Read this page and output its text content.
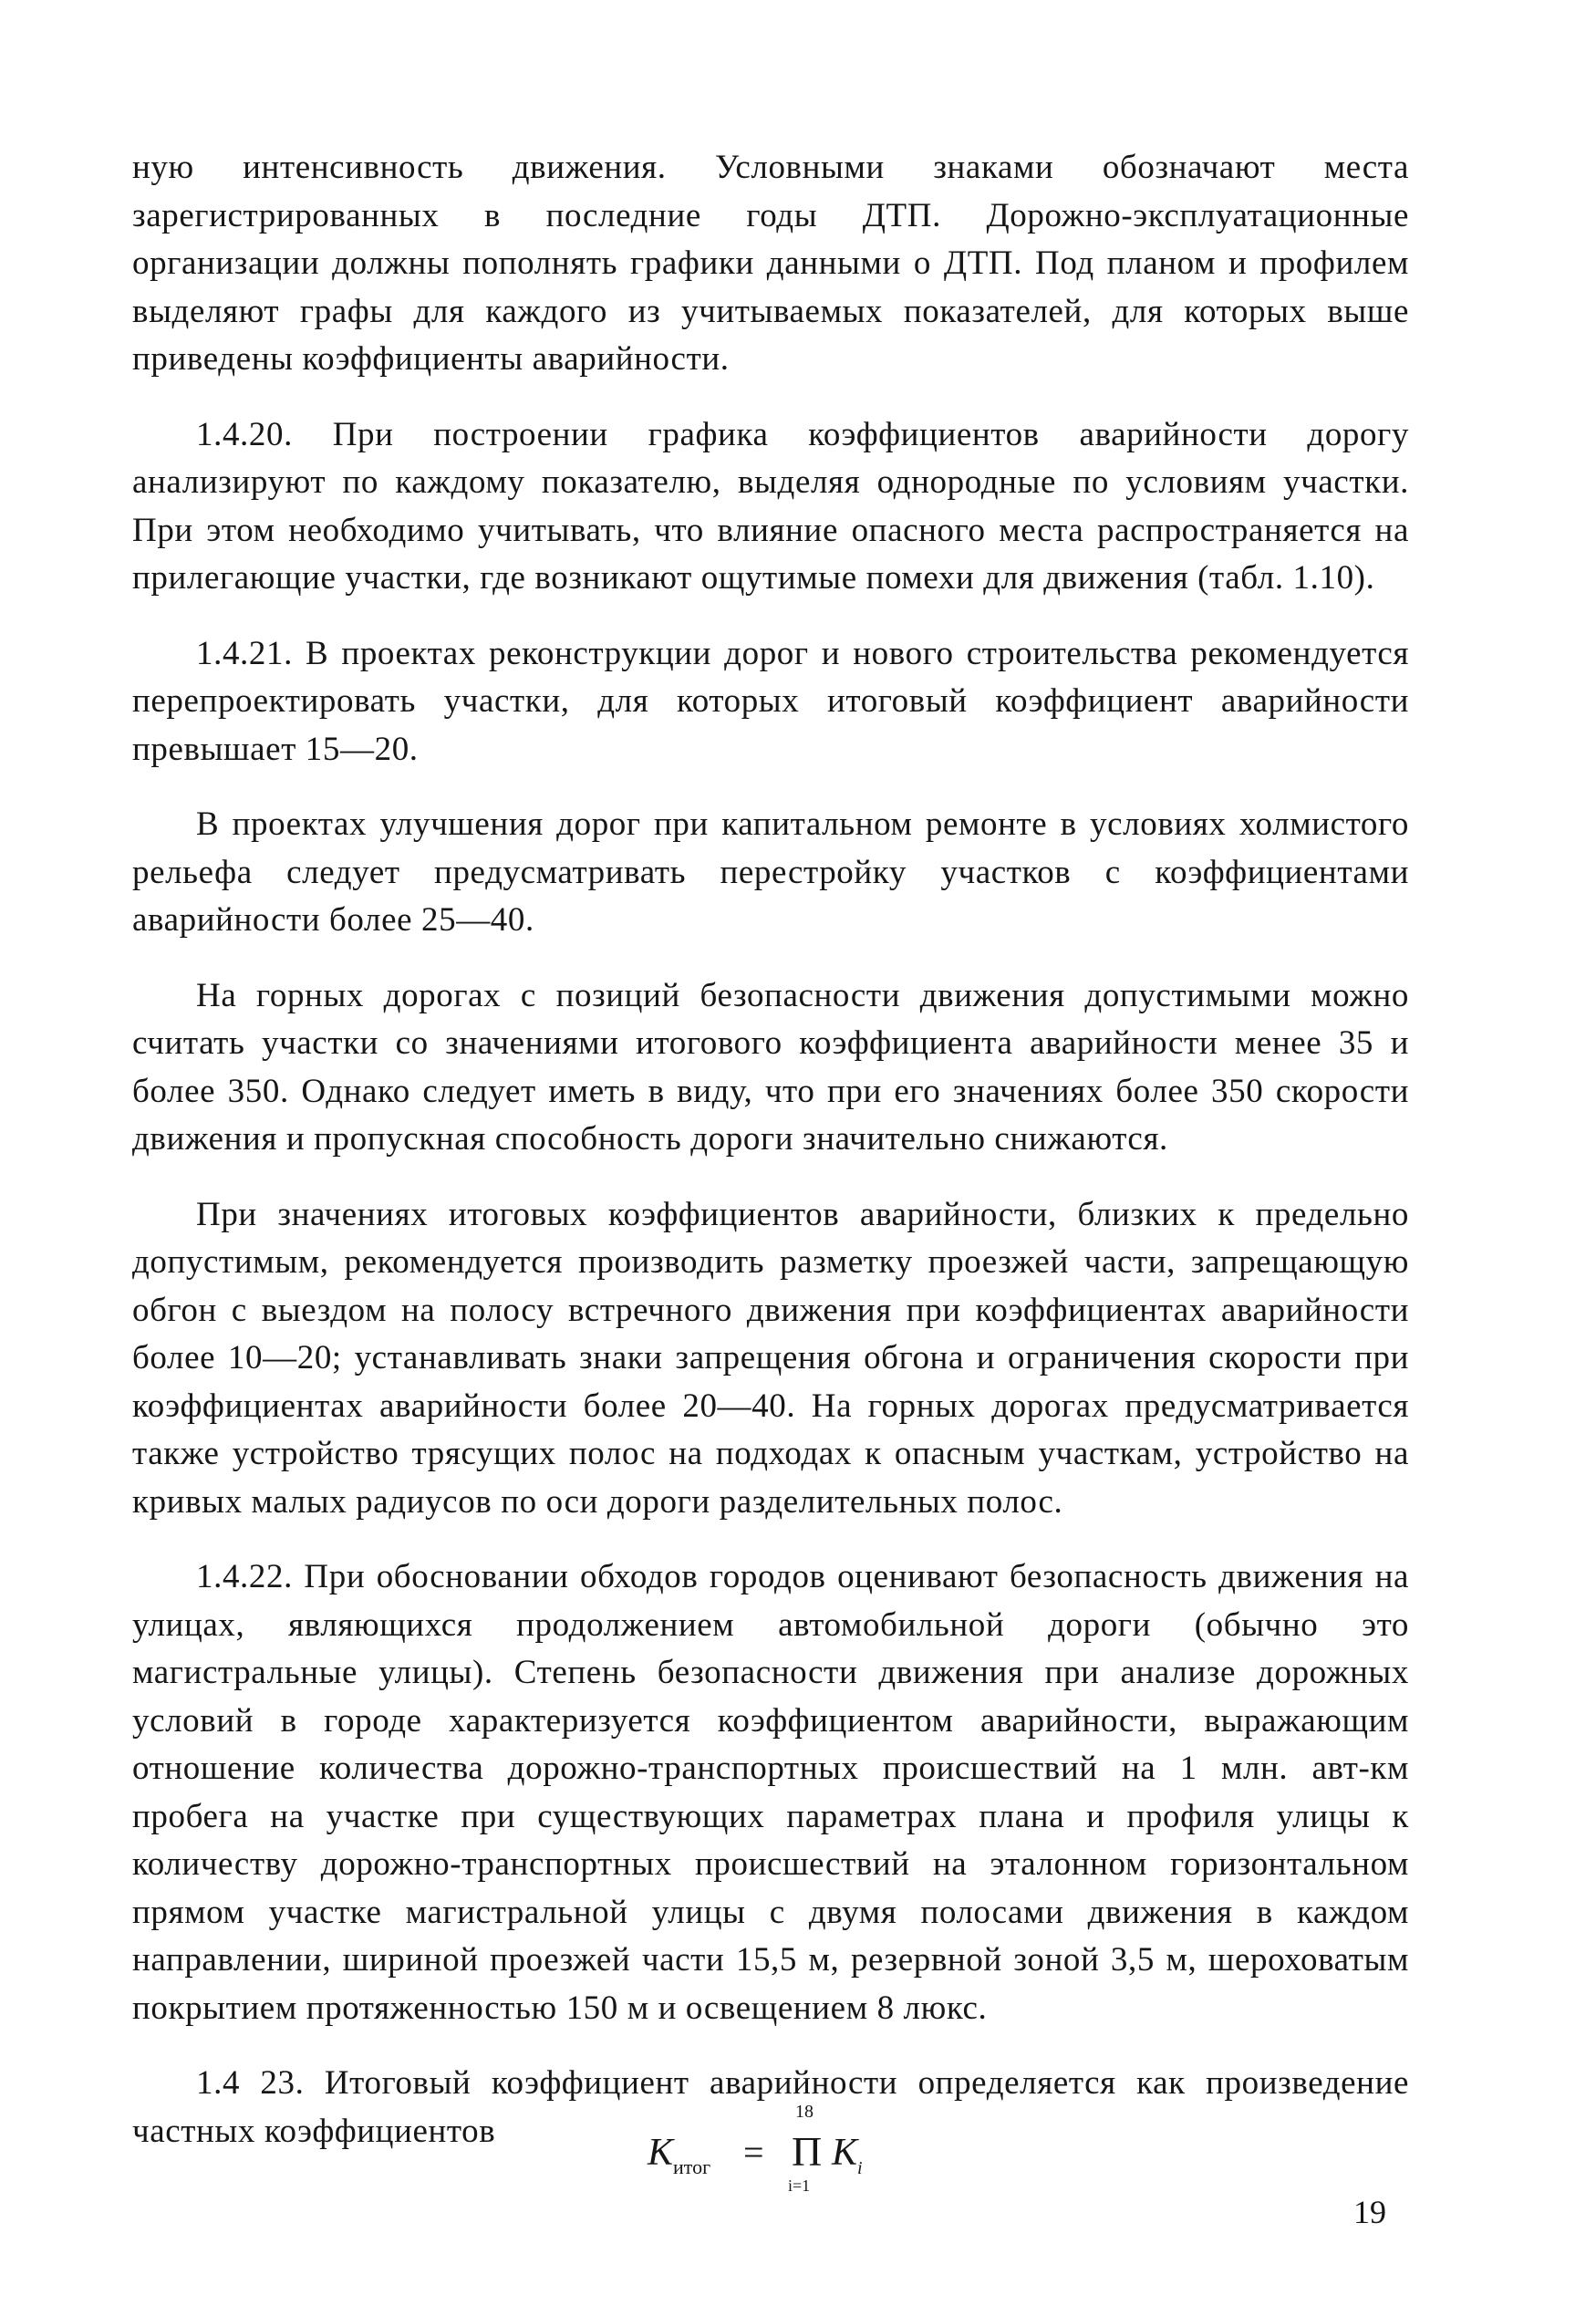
ную интенсивность движения. Условными знаками обозначают места зарегистрированных в последние годы ДТП. Дорожно-эксплуатационные организации должны пополнять графики данными о ДТП. Под планом и профилем выделяют графы для каждого из учитываемых показателей, для которых выше приведены коэффициенты аварийности.

1.4.20. При построении графика коэффициентов аварийности дорогу анализируют по каждому показателю, выделяя однородные по условиям участки. При этом необходимо учитывать, что влияние опасного места распространяется на прилегающие участки, где возникают ощутимые помехи для движения (табл. 1.10).

1.4.21. В проектах реконструкции дорог и нового строительства рекомендуется перепроектировать участки, для которых итоговый коэффициент аварийности превышает 15—20.

В проектах улучшения дорог при капитальном ремонте в условиях холмистого рельефа следует предусматривать перестройку участков с коэффициентами аварийности более 25—40.

На горных дорогах с позиций безопасности движения допустимыми можно считать участки со значениями итогового коэффициента аварийности менее 35 и более 350. Однако следует иметь в виду, что при его значениях более 350 скорости движения и пропускная способность дороги значительно снижаются.

При значениях итоговых коэффициентов аварийности, близких к предельно допустимым, рекомендуется производить разметку проезжей части, запрещающую обгон с выездом на полосу встречного движения при коэффициентах аварийности более 10—20; устанавливать знаки запрещения обгона и ограничения скорости при коэффициентах аварийности более 20—40. На горных дорогах предусматривается также устройство трясущих полос на подходах к опасным участкам, устройство на кривых малых радиусов по оси дороги разделительных полос.

1.4.22. При обосновании обходов городов оценивают безопасность движения на улицах, являющихся продолжением автомобильной дороги (обычно это магистральные улицы). Степень безопасности движения при анализе дорожных условий в городе характеризуется коэффициентом аварийности, выражающим отношение количества дорожно-транспортных происшествий на 1 млн. авт-км пробега на участке при существующих параметрах плана и профиля улицы к количеству дорожно-транспортных происшествий на эталонном горизонтальном прямом участке магистральной улицы с двумя полосами движения в каждом направлении, шириной проезжей части 15,5 м, резервной зоной 3,5 м, шероховатым покрытием протяженностью 150 м и освещением 8 люкс.

1.4 23. Итоговый коэффициент аварийности определяется как произведение частных коэффициентов

$K_{итог}$ =
18
Π
i=1
$K_i$
19
